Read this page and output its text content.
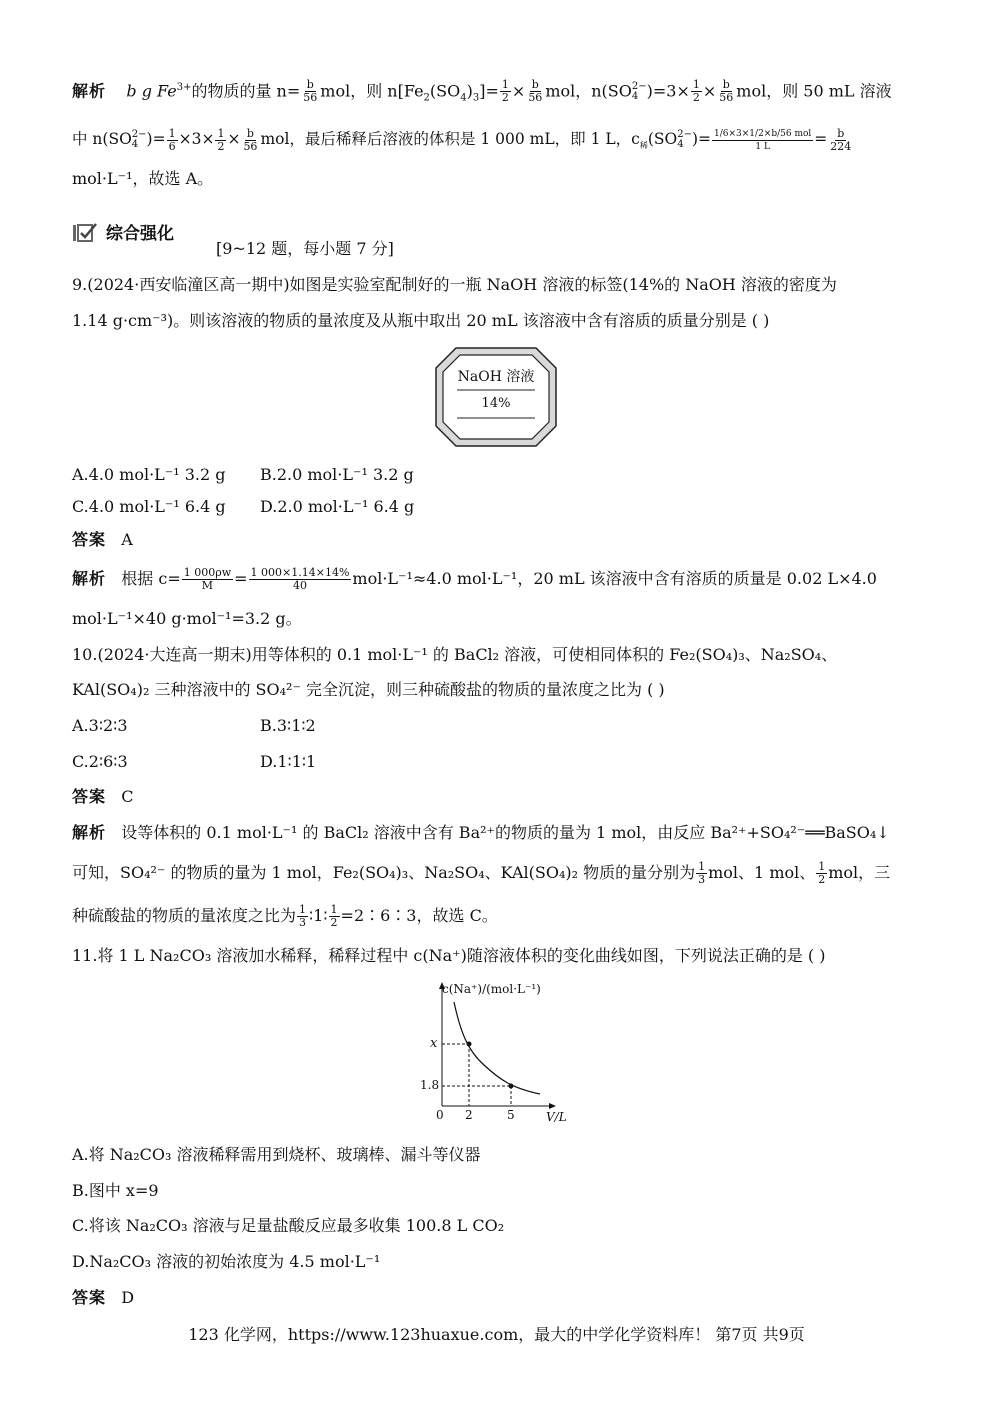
解析 b g $Fe^{3+}$的物质的量 $n= \frac{b}{56}$ mol，则 $n[Fe_2(SO_4)_3]= \frac{1}{2} \times \frac{b}{56}$ mol，n(SO 2−
4 )$=3\times \frac{1}{2} \times \frac{b}{56}$ mol，则 50 mL 溶液
中 n(SO 2−
4 )= $\frac{1}{6} \times 3\times \frac{1}{2} \times \frac{b}{56}$ mol，最后稀释后溶液的体积是 1 000 mL，即 1 L，$c_稀(SO$ 2−
4 )= $\frac{\text{1/6×3×1/2×b/56 mol}}{1 L} = \frac{b}{224}$
mol·L⁻¹，故选 A。
综合强化
[9~12 题，每小题 7 分]
9.(2024·西安临潼区高一期中)如图是实验室配制好的一瓶 NaOH 溶液的标签(14%的 NaOH 溶液的密度为
1.14 g·cm⁻³)。则该溶液的物质的量浓度及从瓶中取出 20 mL 该溶液中含有溶质的质量分别是 ( )
NaOH 溶液
14%
A.4.0 mol·L⁻¹ 3.2 g B.2.0 mol·L⁻¹ 3.2 g
C.4.0 mol·L⁻¹ 6.4 g D.2.0 mol·L⁻¹ 6.4 g
答案 A
解析 根据 $c= \frac{1 000\rho w}{M} = \frac{1 000\times 1.14\times 14\%}{40} mol\cdot L^{-1}\approx 4.0$ mol·L⁻¹，20 mL 该溶液中含有溶质的质量是 0.02 L×4.0
mol·L⁻¹×40 g·mol⁻¹=3.2 g。
10.(2024·大连高一期末)用等体积的 0.1 mol·L⁻¹ 的 BaCl₂ 溶液，可使相同体积的 Fe₂(SO₄)₃、Na₂SO₄、
KAl(SO₄)₂ 三种溶液中的 SO₄²⁻ 完全沉淀，则三种硫酸盐的物质的量浓度之比为 ( )
A.3∶2∶3	B.3∶1∶2
C.2∶6∶3	D.1∶1∶1
答案 C
解析 设等体积的 0.1 mol·L⁻¹ 的 BaCl₂ 溶液中含有 Ba²⁺的物质的量为 1 mol，由反应 Ba²⁺+SO₄²⁻══BaSO₄↓
可知，SO₄²⁻ 的物质的量为 1 mol，Fe₂(SO₄)₃、Na₂SO₄、KAl(SO₄)₂ 物质的量分别为 $\frac{1}{3}$ mol、1 mol、 $\frac{1}{2}$ mol，三
种硫酸盐的物质的量浓度之比为 $\frac{1}{3}$ ∶1∶ $\frac{1}{2}$ =2∶6∶3，故选 C。
11.将 1 L Na₂CO₃ 溶液加水稀释，稀释过程中 c(Na⁺)随溶液体积的变化曲线如图，下列说法正确的是 ( )
c(Na⁺)/(mol·L⁻¹)
V/L
0 2	5
x
1.8
A.将 Na₂CO₃ 溶液稀释需用到烧杯、玻璃棒、漏斗等仪器
B.图中 x=9
C.将该 Na₂CO₃ 溶液与足量盐酸反应最多收集 100.8 L CO₂
D.Na₂CO₃ 溶液的初始浓度为 4.5 mol·L⁻¹
答案 D
123 化学网，https://www.123huaxue.com，最大的中学化学资料库！ 第7页 共9页
